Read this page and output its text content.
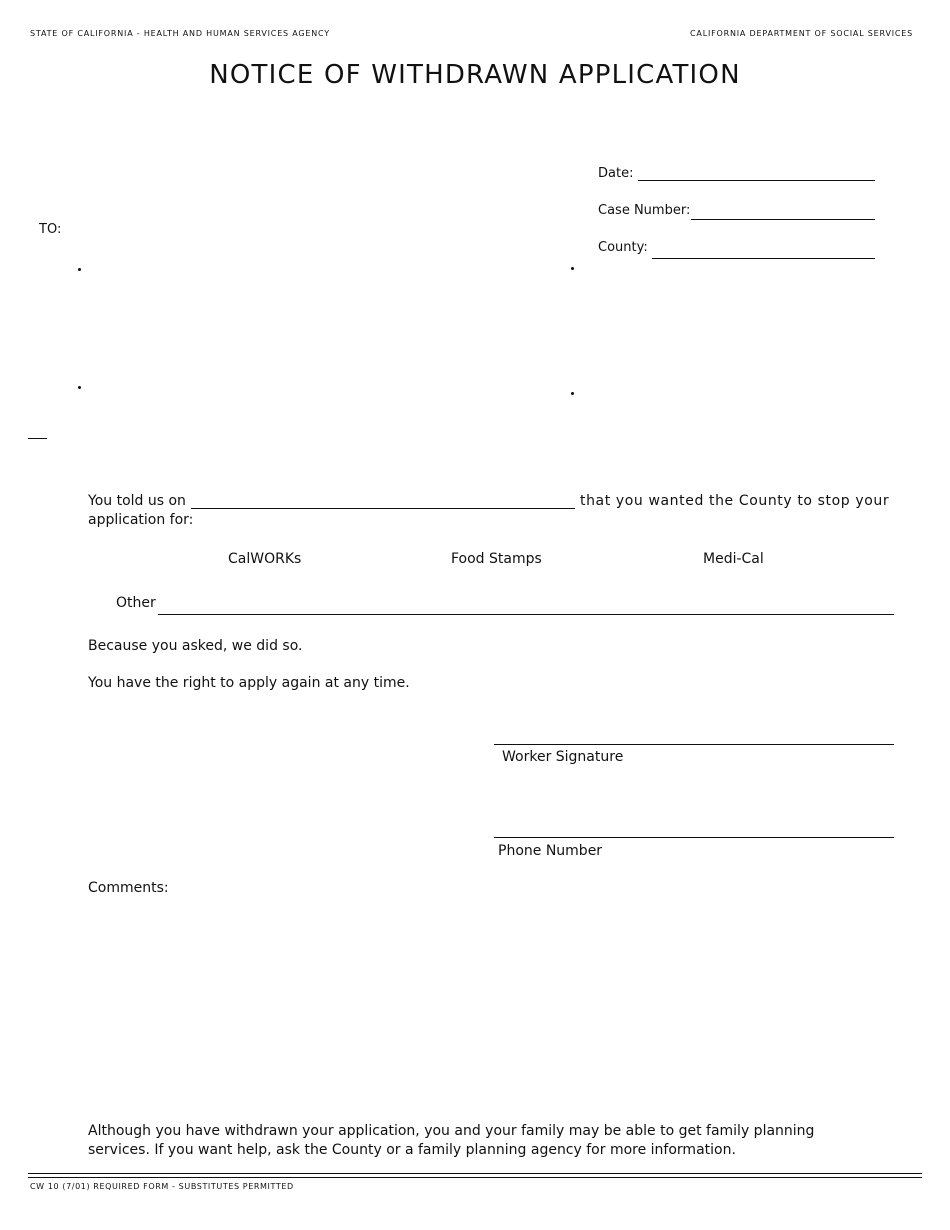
STATE OF CALIFORNIA - HEALTH AND HUMAN SERVICES AGENCY	CALIFORNIA DEPARTMENT OF SOCIAL SERVICES
NOTICE OF WITHDRAWN APPLICATION
Date:
Case Number:
County:
TO:
You told us on	that you wanted the County to stop your
application for:
CalWORKs	Food Stamps	Medi-Cal
Other
Because you asked, we did so.
You have the right to apply again at any time.
Worker Signature
Phone Number
Comments:
Although you have withdrawn your application, you and your family may be able to get family planning services. If you want help, ask the County or a family planning agency for more information.
CW 10 (7/01) REQUIRED FORM - SUBSTITUTES PERMITTED
